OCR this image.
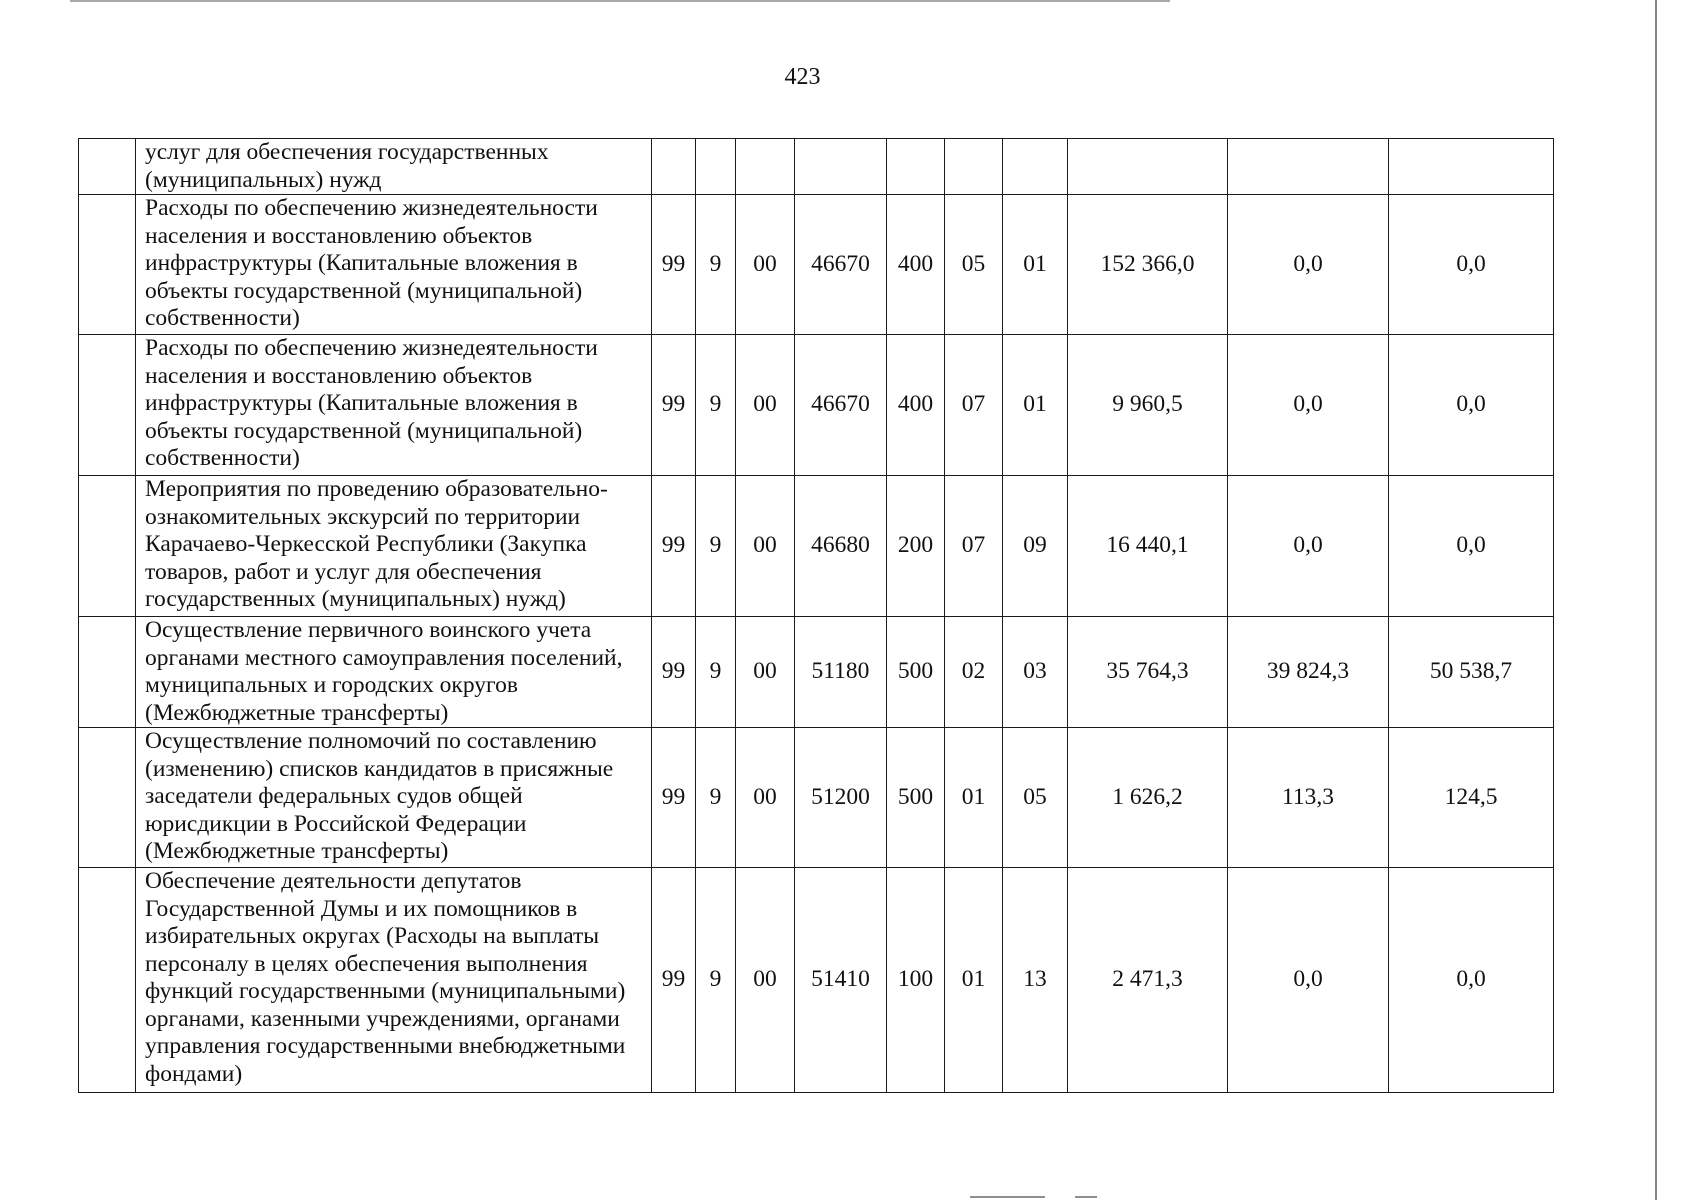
423
	услуг для обеспечения государственных (муниципальных) нужд										
	Расходы по обеспечению жизнедеятельности населения и восстановлению объектов инфраструктуры (Капитальные вложения в объекты государственной (муниципальной) собственности)	99	9	00	46670	400	05	01	152 366,0	0,0	0,0
	Расходы по обеспечению жизнедеятельности населения и восстановлению объектов инфраструктуры (Капитальные вложения в объекты государственной (муниципальной) собственности)	99	9	00	46670	400	07	01	9 960,5	0,0	0,0
	Мероприятия по проведению образовательно-ознакомительных экскурсий по территории Карачаево-Черкесской Республики (Закупка товаров, работ и услуг для обеспечения государственных (муниципальных) нужд)	99	9	00	46680	200	07	09	16 440,1	0,0	0,0
	Осуществление первичного воинского учета органами местного самоуправления поселений, муниципальных и городских округов (Межбюджетные трансферты)	99	9	00	51180	500	02	03	35 764,3	39 824,3	50 538,7
	Осуществление полномочий по составлению (изменению) списков кандидатов в присяжные заседатели федеральных судов общей юрисдикции в Российской Федерации (Межбюджетные трансферты)	99	9	00	51200	500	01	05	1 626,2	113,3	124,5
	Обеспечение деятельности депутатов Государственной Думы и их помощников в избирательных округах (Расходы на выплаты персоналу в целях обеспечения выполнения функций государственными (муниципальными) органами, казенными учреждениями, органами управления государственными внебюджетными фондами)	99	9	00	51410	100	01	13	2 471,3	0,0	0,0
